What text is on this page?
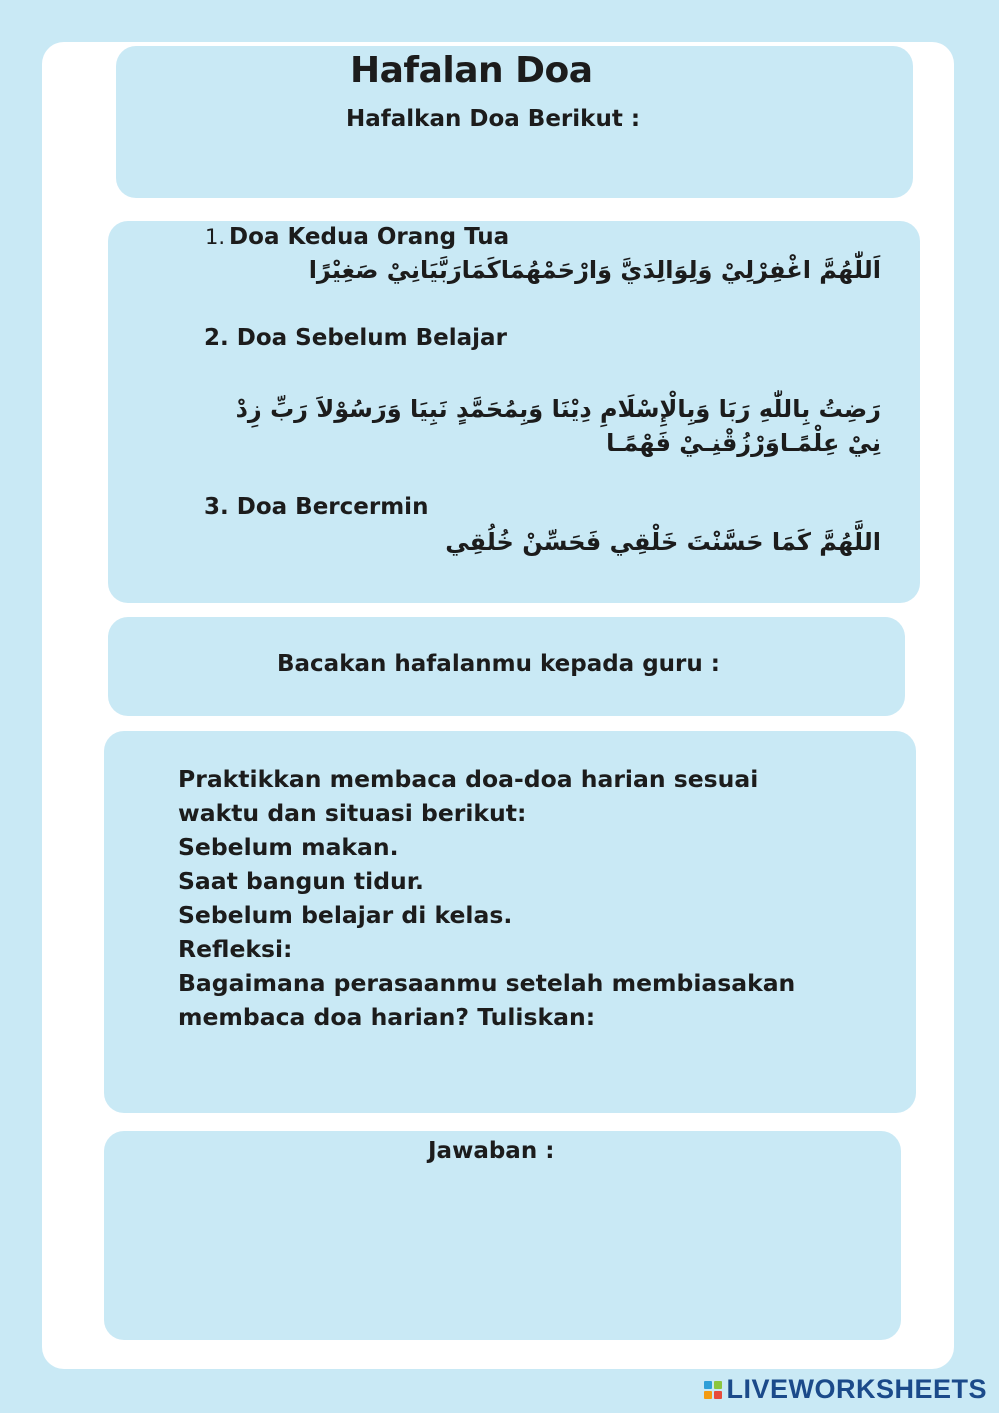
Hafalan Doa
Hafalkan Doa Berikut :
1. Doa Kedua Orang Tua
اَللّٰهُمَّ اغْفِرْلِيْ وَلِوَالِدَيَّ وَارْحَمْهُمَاكَمَارَبَّيَانِيْ صَغِيْرًا
2. Doa Sebelum Belajar
رَضِتُ بِاللّٰهِ رَبَا وَبِالْإِسْلَامِ دِيْنَا وَبِمُحَمَّدٍ نَبِيَا وَرَسُوْلاَ رَبِّ زِدْ نِيْ عِلْمًـاوَرْزُقْنِـيْ فَهْمًـا
3. Doa Bercermin
اللَّهُمَّ كَمَا حَسَّنْتَ خَلْقِي فَحَسِّنْ خُلُقِي
Bacakan hafalanmu kepada guru :
Praktikkan membaca doa-doa harian sesuai
waktu dan situasi berikut:
Sebelum makan.
Saat bangun tidur.
Sebelum belajar di kelas.
Refleksi:
Bagaimana perasaanmu setelah membiasakan
membaca doa harian? Tuliskan:
Jawaban :
LIVEWORKSHEETS
